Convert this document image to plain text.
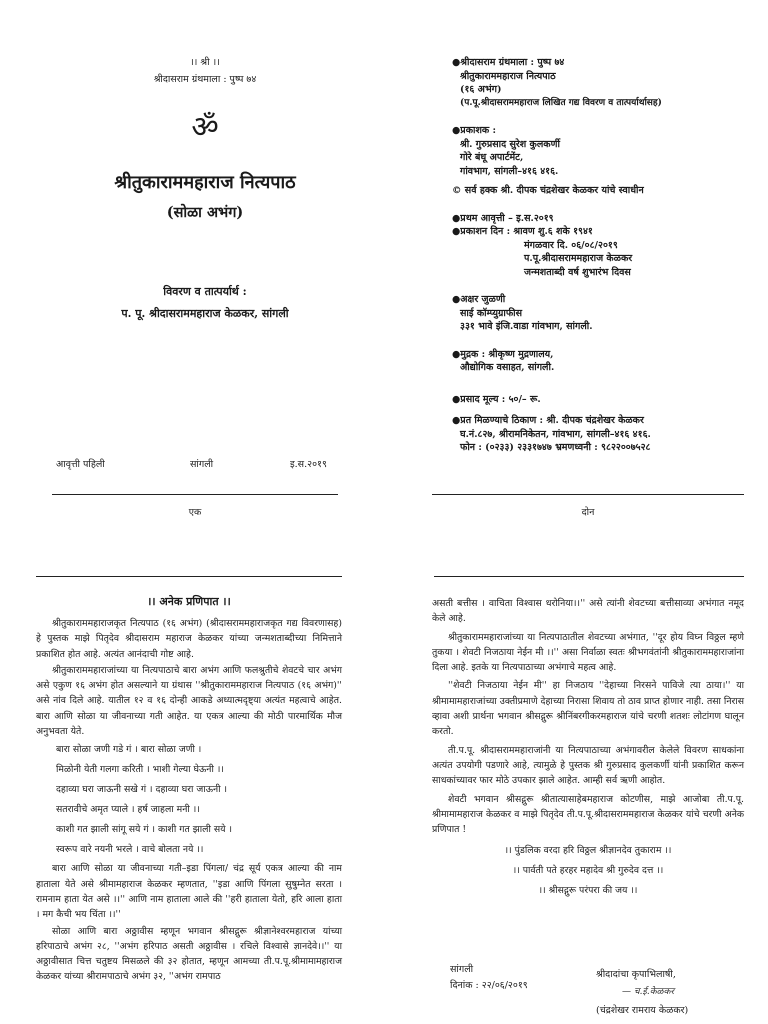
।। श्री ।।
श्रीदासराम ग्रंथमाला : पुष्प ७४
ॐ
श्रीतुकाराममहाराज नित्यपाठ
(सोळा अभंग)
विवरण व तात्पर्यार्थ :
प. पू. श्रीदासराममहाराज केळकर, सांगली
आवृत्ती पहिली	सांगली	इ.स.२०१९
एक
●श्रीदासराम ग्रंथमाला : पुष्प ७४
श्रीतुकाराममहाराज नित्यपाठ
(१६ अभंग)
(प.पू.श्रीदासराममहाराज लिखित गद्य विवरण व तात्पर्यार्थासह)
●प्रकाशक :
श्री. गुरुप्रसाद सुरेश कुलकर्णी
गोरे बंधू अपार्टमेंट,
गांवभाग, सांगली–४१६ ४१६.
© सर्व हक्क श्री. दीपक चंद्रशेखर केळकर यांचे स्वाधीन
●प्रथम आवृत्ती – इ.स.२०१९
●प्रकाशन दिन : श्रावण शु.६ शके १९४१
मंगळवार दि. ०६/०८/२०१९
प.पू.श्रीदासराममहाराज केळकर
जन्मशताब्दी वर्ष शुभारंभ दिवस
●अक्षर जुळणी
साई कॉम्प्युग्राफीस
३३१ भावे इंजि.वाडा गांवभाग, सांगली.
●मुद्रक : श्रीकृष्ण मुद्रणालय,
औद्योगिक वसाहत, सांगली.
●प्रसाद मूल्य : ५०/– रू.
●प्रत मिळण्याचे ठिकाण : श्री. दीपक चंद्रशेखर केळकर
घ.नं.८२७, श्रीरामनिकेतन, गांवभाग, सांगली–४१६ ४१६.
फोन : (०२३३) २३३१७४७ भ्रमणध्वनी : ९८२२००७५२८
दोन
।। अनेक प्रणिपात ।।
श्रीतुकाराममहाराजकृत नित्यपाठ (१६ अभंग) (श्रीदासराममहाराजकृत गद्य विवरणासह) हे पुस्तक माझे पितृदेव श्रीदासराम महाराज केळकर यांच्या जन्मशताब्दीच्या निमित्ताने प्रकाशित होत आहे. अत्यंत आनंदाची गोष्ट आहे.
श्रीतुकाराममहाराजांच्या या नित्यपाठाचे बारा अभंग आणि फलश्रुतीचे शेवटचे चार अभंग असे एकुण १६ अभंग होत असल्याने या ग्रंथास ''श्रीतुकाराममहाराज नित्यपाठ (१६ अभंग)'' असे नांव दिले आहे. यातील १२ व १६ दोन्ही आकडे अध्यात्मदृष्ट्या अत्यंत महत्वाचे आहेत. बारा आणि सोळा या जीवनाच्या गती आहेत. या एकत्र आल्या की मोठी पारमार्थिक मौज अनुभवता येते.
बारा सोळा जणी गडे गं । बारा सोळा जणी ।
मिळोनी येती गलगा करिती । भाशी गेल्या घेऊनी ।।
दहाव्या घरा जाऊनी सखे गं । दहाव्या घरा जाऊनी ।
सतरावीचे अमृत प्याले । हर्ष जाहला मनी ।।
काशी गत झाली सांगू सये गं । काशी गत झाली सये ।
स्वरूप वारे नयनी भरले । वाचे बोलता नये ।।
बारा आणि सोळा या जीवनाच्या गती–इडा पिंगला/ चंद्र सूर्य एकत्र आल्या की नाम हाताला येते असे श्रीमामहाराज केळकर म्हणतात, ''इडा आणि पिंगला सुषुम्नेत सरता । रामनाम हाता येत असे ।।'' आणि नाम हाताला आले की ''हरी हाताला येतो, हरि आला हाता । मग कैची भय चिंता ।।''
सोळा आणि बारा अठ्ठावीस म्हणून भगवान श्रीसद्गुरू श्रीज्ञानेश्वरमहाराज यांच्या हरिपाठाचे अभंग २८, ''अभंग हरिपाठ असती अठ्ठावीस । रचिले विश्वासे ज्ञानदेवे।।'' या अठ्ठावीसात चित्त चतुष्टय मिसळले की ३२ होतात, म्हणून आमच्या ती.प.पू.श्रीमामामहाराज केळकर यांच्या श्रीरामपाठाचे अभंग ३२, ''अभंग रामपाठ
असती बत्तीस । वाचिता विश्वास धरोनिया।।'' असे त्यांनी शेवटच्या बत्तीसाव्या अभंगात नमूद केले आहे.
श्रीतुकाराममहाराजांच्या या नित्यपाठातील शेवटच्या अभंगात, ''दूर होय विघ्न विठ्ठल म्हणे तुकया । शेवटी निजठाया नेईन मी ।।'' असा निर्वाळा स्वतः श्रीभगवंतांनी श्रीतुकाराममहाराजांना दिला आहे. इतके या नित्यपाठाच्या अभंगाचे महत्व आहे.
''शेवटी निजठाया नेईन मी'' हा निजठाय ''देहाच्या निरसने पाविजे त्या ठाया।'' या श्रीमामामहाराजांच्या उक्तीप्रमाणे देहाच्या निरासा शिवाय तो ठाव प्राप्त होणार नाही. तसा निरास व्हावा अशी प्रार्थना भगवान श्रीसद्गुरू श्रीनिंबरगीकरमहाराज यांचे चरणी शतशः लोटांगण घालून करतो.
ती.प.पू. श्रीदासराममहाराजांनी या नित्यपाठाच्या अभंगावरील केलेले विवरण साधकांना अत्यंत उपयोगी पडणारे आहे, त्यामुळे हे पुस्तक श्री गुरुप्रसाद कुलकर्णी यांनी प्रकाशित करून साधकांच्यावर फार मोठे उपकार झाले आहेत. आम्ही सर्व ऋणी आहोत.
शेवटी भगवान श्रीसद्गुरू श्रीतात्यासाहेबमहाराज कोटणीस, माझे आजोबा ती.प.पू. श्रीमामामहाराज केळकर व माझे पितृदेव ती.प.पू.श्रीदासराममहाराज केळकर यांचे चरणी अनेक प्रणिपात !
।। पुंडलिक वरदा हरि विठ्ठल श्रीज्ञानदेव तुकाराम ।।
।। पार्वती पते हरहर महादेव श्री गुरुदेव दत्त ।।
।। श्रीसद्गुरू परंपरा की जय ।।
सांगली
दिनांक : २२/०६/२०१९
श्रीदादांचा कृपाभिलाषी,
— च.ई.केळकर
(चंद्रशेखर रामराय केळकर)
